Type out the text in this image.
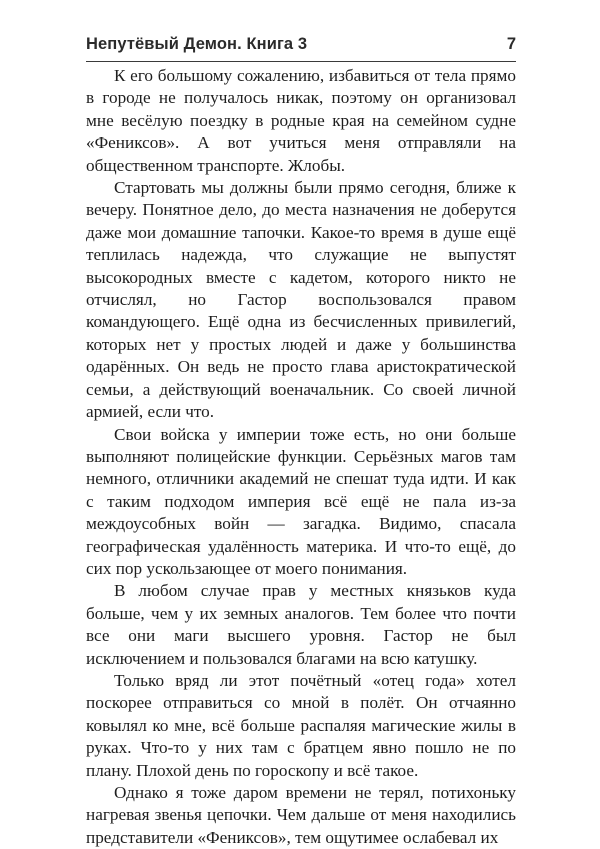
Непутёвый Демон. Книга 3	7

К его большому сожалению, избавиться от тела прямо в городе не получалось никак, поэтому он организовал мне весёлую поездку в родные края на семейном судне «Фениксов». А вот учиться меня отправляли на общественном транспорте. Жлобы.

Стартовать мы должны были прямо сегодня, ближе к вечеру. Понятное дело, до места назначения не доберутся даже мои домашние тапочки. Какое-то время в душе ещё теплилась надежда, что служащие не выпустят высокородных вместе с кадетом, которого никто не отчислял, но Гастор воспользовался правом командующего. Ещё одна из бесчисленных привилегий, которых нет у простых людей и даже у большинства одарённых. Он ведь не просто глава аристократической семьи, а действующий военачальник. Со своей личной армией, если что.

Свои войска у империи тоже есть, но они больше выполняют полицейские функции. Серьёзных магов там немного, отличники академий не спешат туда идти. И как с таким подходом империя всё ещё не пала из-за междоусобных войн — загадка. Видимо, спасала географическая удалённость материка. И что-то ещё, до сих пор ускользающее от моего понимания.

В любом случае прав у местных князьков куда больше, чем у их земных аналогов. Тем более что почти все они маги высшего уровня. Гастор не был исключением и пользовался благами на всю катушку.

Только вряд ли этот почётный «отец года» хотел поскорее отправиться со мной в полёт. Он отчаянно ковылял ко мне, всё больше распаляя магические жилы в руках. Что-то у них там с братцем явно пошло не по плану. Плохой день по гороскопу и всё такое.

Однако я тоже даром времени не терял, потихоньку нагревая звенья цепочки. Чем дальше от меня находились представители «Фениксов», тем ощутимее ослабевал их
